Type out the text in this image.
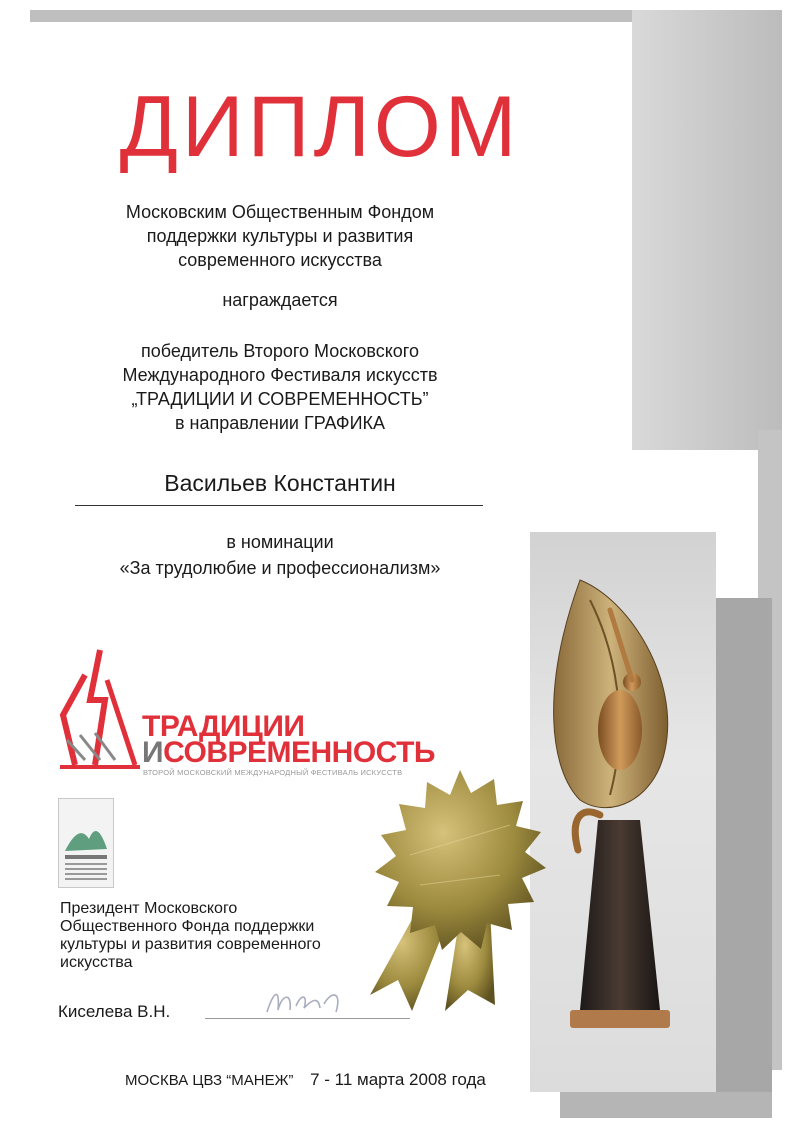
ДИПЛОМ
Московским Общественным Фондом
поддержки культуры и развития
современного искусства
награждается
победитель Второго Московского
Международного Фестиваля искусств
„ТРАДИЦИИ И СОВРЕМЕННОСТЬ”
в направлении ГРАФИКА
Васильев Константин
в номинации
«За трудолюбие и профессионализм»
ТРАДИЦИИ
ИСОВРЕМЕННОСТЬ
ВТОРОЙ МОСКОВСКИЙ МЕЖДУНАРОДНЫЙ ФЕСТИВАЛЬ ИСКУССТВ
Президент Московского
Общественного Фонда поддержки
культуры и развития современного
искусства
Киселева В.Н.
МОСКВА ЦВЗ “МАНЕЖ” 7 - 11 марта 2008 года
